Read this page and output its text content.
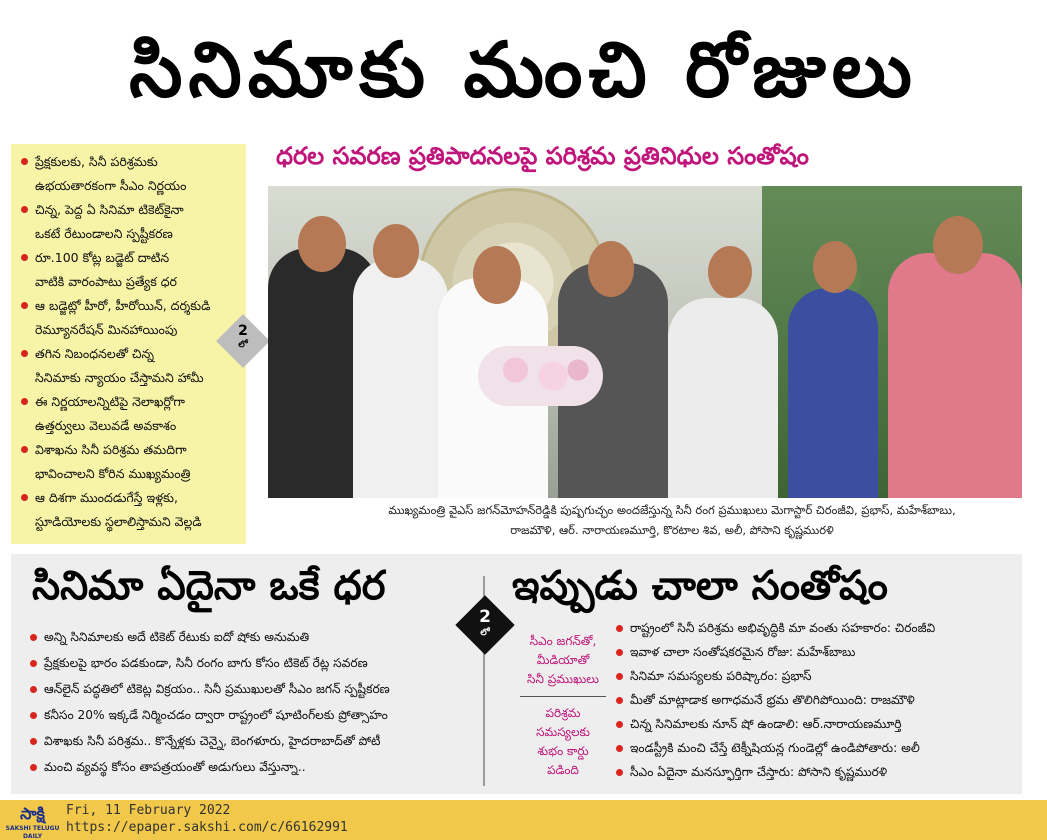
సినిమాకు మంచి రోజులు
ధరల సవరణ ప్రతిపాదనలపై పరిశ్రమ ప్రతినిధుల సంతోషం
ప్రేక్షకులకు, సినీ పరిశ్రమకు
ఉభయతారకంగా సీఎం నిర్ణయం
చిన్న, పెద్ద ఏ సినిమా టికెట్‌కైనా
ఒకటే రేటుండాలని స్పష్టీకరణ
రూ.100 కోట్ల బడ్జెట్‌ దాటిన
వాటికి వారంపాటు ప్రత్యేక ధర
ఆ బడ్జెట్లో హీరో, హీరోయిన్, దర్శకుడి
రెమ్యూనరేషన్‌ మినహాయింపు
తగిన నిబంధనలతో చిన్న
సినిమాకు న్యాయం చేస్తామని హామీ
ఈ నిర్ణయాలన్నిటిపై నెలాఖర్లోగా
ఉత్తర్వులు వెలువడే అవకాశం
విశాఖను సినీ పరిశ్రమ తమదిగా
భావించాలని కోరిన ముఖ్యమంత్రి
ఆ దిశగా ముందడుగేస్తే ఇళ్లకు,
స్టూడియోలకు స్థలాలిస్తామని వెల్లడి
2
లో
ముఖ్యమంత్రి వైఎస్‌ జగన్‌మోహన్‌రెడ్డికి పుష్పగుచ్ఛం అందజేస్తున్న సినీ రంగ ప్రముఖులు మెగాస్టార్‌ చిరంజీవి, ప్రభాస్, మహేశ్‌బాబు,
రాజమౌళి, ఆర్‌. నారాయణమూర్తి, కొరటాల శివ, అలీ, పోసాని కృష్ణమురళి
సినిమా ఏదైనా ఒకే ధర	ఇప్పుడు చాలా సంతోషం
అన్ని సినిమాలకు అదే టికెట్‌ రేటుకు ఐదో షోకు అనుమతి
ప్రేక్షకులపై భారం పడకుండా, సినీ రంగం బాగు కోసం టికెట్‌ రేట్ల సవరణ
ఆన్‌లైన్‌ పద్ధతిలో టికెట్ల విక్రయం.. సినీ ప్రముఖులతో సీఎం జగన్‌ స్పష్టీకరణ
కనీసం 20% ఇక్కడే నిర్మించడం ద్వారా రాష్ట్రంలో షూటింగ్‌లకు ప్రోత్సాహం
విశాఖకు సినీ పరిశ్రమ.. కొన్నేళ్లకు చెన్నై, బెంగళూరు, హైదరాబాద్‌తో పోటీ
మంచి వ్యవస్థ కోసం తాపత్రయంతో అడుగులు వేస్తున్నా..
2
లో
సీఎం జగన్‌తో,
మీడియాతో
సినీ ప్రముఖులు
పరిశ్రమ
సమస్యలకు
శుభం కార్డు
పడింది
రాష్ట్రంలో సినీ పరిశ్రమ అభివృద్ధికి మా వంతు సహకారం: చిరంజీవి
ఇవాళ చాలా సంతోషకరమైన రోజు: మహేశ్‌బాబు
సినిమా సమస్యలకు పరిష్కారం: ప్రభాస్
మీతో మాట్లాడాక అగాధమనే భ్రమ తొలిగిపోయింది: రాజమౌళి
చిన్న సినిమాలకు నూన్‌ షో ఉండాలి: ఆర్‌.నారాయణమూర్తి
ఇండస్ట్రీకి మంచి చేస్తే టెక్నీషియన్ల గుండెల్లో ఉండిపోతారు: అలీ
సీఎం ఏదైనా మనస్ఫూర్తిగా చేస్తారు: పోసాని కృష్ణమురళి
సాక్షి
SAKSHI TELUGU DAILY
Fri, 11 February 2022
https://epaper.sakshi.com/c/66162991
